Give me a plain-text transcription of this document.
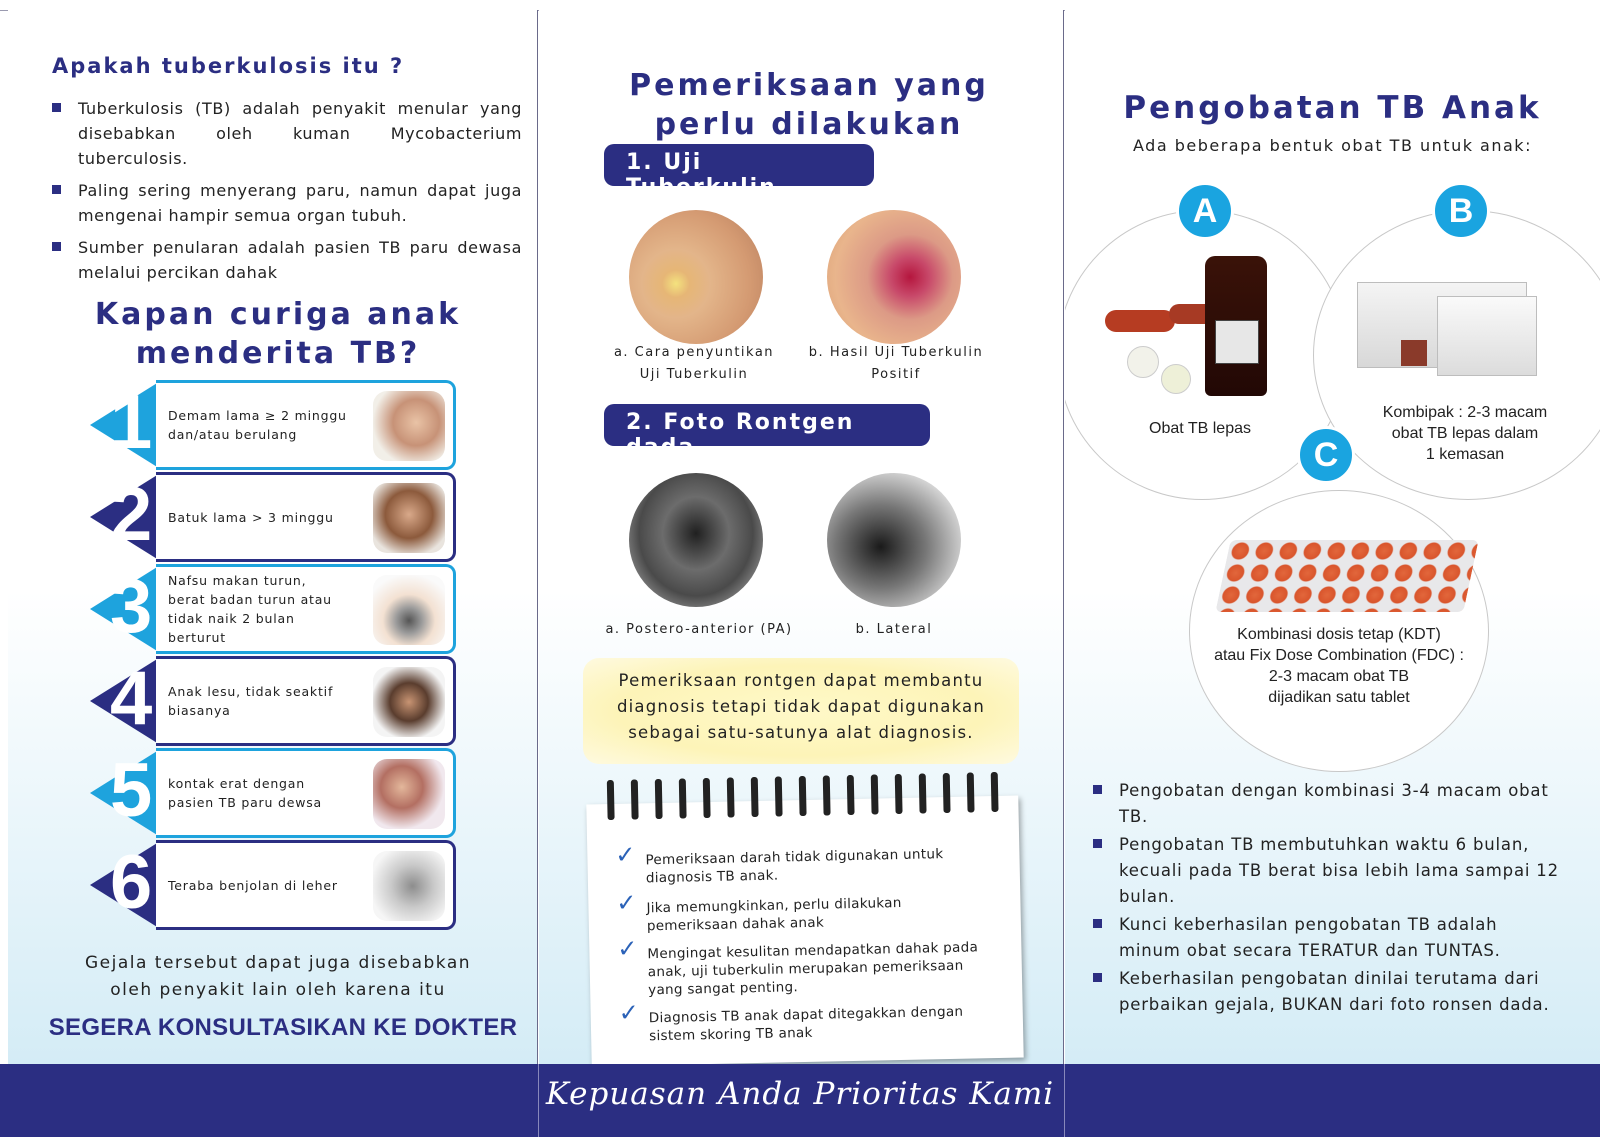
Apakah tuberkulosis itu ?
Tuberkulosis (TB) adalah penyakit menular yang disebabkan oleh kuman Mycobacterium tuberculosis.
Paling sering menyerang paru, namun dapat juga mengenai hampir semua organ tubuh.
Sumber penularan adalah pasien TB paru dewasa melalui percikan dahak
Kapan curiga anak
menderita TB?
Demam lama ≥ 2 minggu dan/atau berulang
1
Batuk lama > 3 minggu
2
Nafsu makan turun, berat badan turun atau tidak naik 2 bulan berturut
3
Anak lesu, tidak seaktif biasanya
4
kontak erat dengan pasien TB paru dewsa
5
Teraba benjolan di leher
6
Gejala tersebut dapat juga disebabkan
oleh penyakit lain oleh karena itu
SEGERA KONSULTASIKAN KE DOKTER
Pemeriksaan yang
perlu dilakukan
1. Uji Tuberkulin
a. Cara penyuntikan
Uji Tuberkulin
b. Hasil Uji Tuberkulin
Positif
2. Foto Rontgen dada
a. Postero-anterior (PA)	b. Lateral
Pemeriksaan rontgen dapat membantu
diagnosis tetapi tidak dapat digunakan
sebagai satu-satunya alat diagnosis.
✓ Pemeriksaan darah tidak digunakan untuk diagnosis TB anak.
✓ Jika memungkinkan, perlu dilakukan pemeriksaan dahak anak
✓ Mengingat kesulitan mendapatkan dahak pada anak, uji tuberkulin merupakan pemeriksaan yang sangat penting.
✓ Diagnosis TB anak dapat ditegakkan dengan sistem skoring TB anak
Pengobatan TB Anak
Ada beberapa bentuk obat TB untuk anak:
A	B
C
Obat TB lepas
Kombipak : 2-3 macam
obat TB lepas dalam
1 kemasan
Kombinasi dosis tetap (KDT)
atau Fix Dose Combination (FDC) :
2-3 macam obat TB
dijadikan satu tablet
Pengobatan dengan kombinasi 3-4 macam obat TB.
Pengobatan TB membutuhkan waktu 6 bulan, kecuali pada TB berat bisa lebih lama sampai 12 bulan.
Kunci keberhasilan pengobatan TB adalah minum obat secara TERATUR dan TUNTAS.
Keberhasilan pengobatan dinilai terutama dari perbaikan gejala, BUKAN dari foto ronsen dada.
Kepuasan Anda Prioritas Kami
